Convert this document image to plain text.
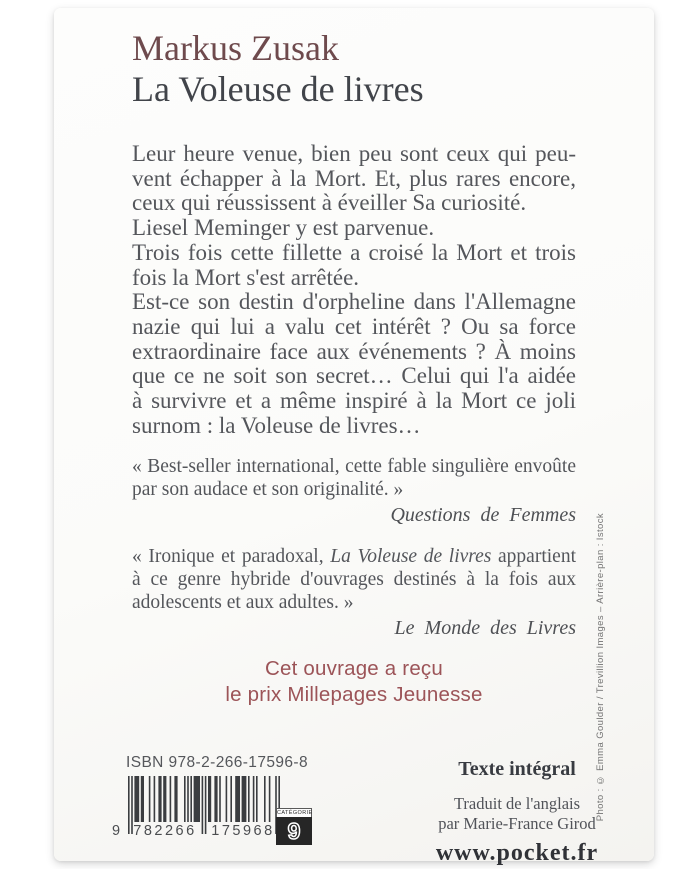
Markus Zusak
La Voleuse de livres
Leur heure venue, bien peu sont ceux qui peu-
vent échapper à la Mort. Et, plus rares encore,
ceux qui réussissent à éveiller Sa curiosité.
Liesel Meminger y est parvenue.
Trois fois cette fillette a croisé la Mort et trois
fois la Mort s'est arrêtée.
Est-ce son destin d'orpheline dans l'Allemagne
nazie qui lui a valu cet intérêt ? Ou sa force
extraordinaire face aux événements ? À moins
que ce ne soit son secret… Celui qui l'a aidée
à survivre et a même inspiré à la Mort ce joli
surnom : la Voleuse de livres…
« Best-seller international, cette fable singulière envoûte
par son audace et son originalité. »
Questions de Femmes
« Ironique et paradoxal, La Voleuse de livres appartient
à ce genre hybride d'ouvrages destinés à la fois aux
adolescents et aux adultes. »
Le Monde des Livres
Cet ouvrage a reçu
le prix Millepages Jeunesse
ISBN 978-2-266-17596-8
9 782266	175968
CATÉGORIE
9
Texte intégral
Traduit de l'anglais
par Marie-France Girod
www.pocket.fr
Photo : © Emma Goulder / Trevillion Images – Arrière-plan : Istock
